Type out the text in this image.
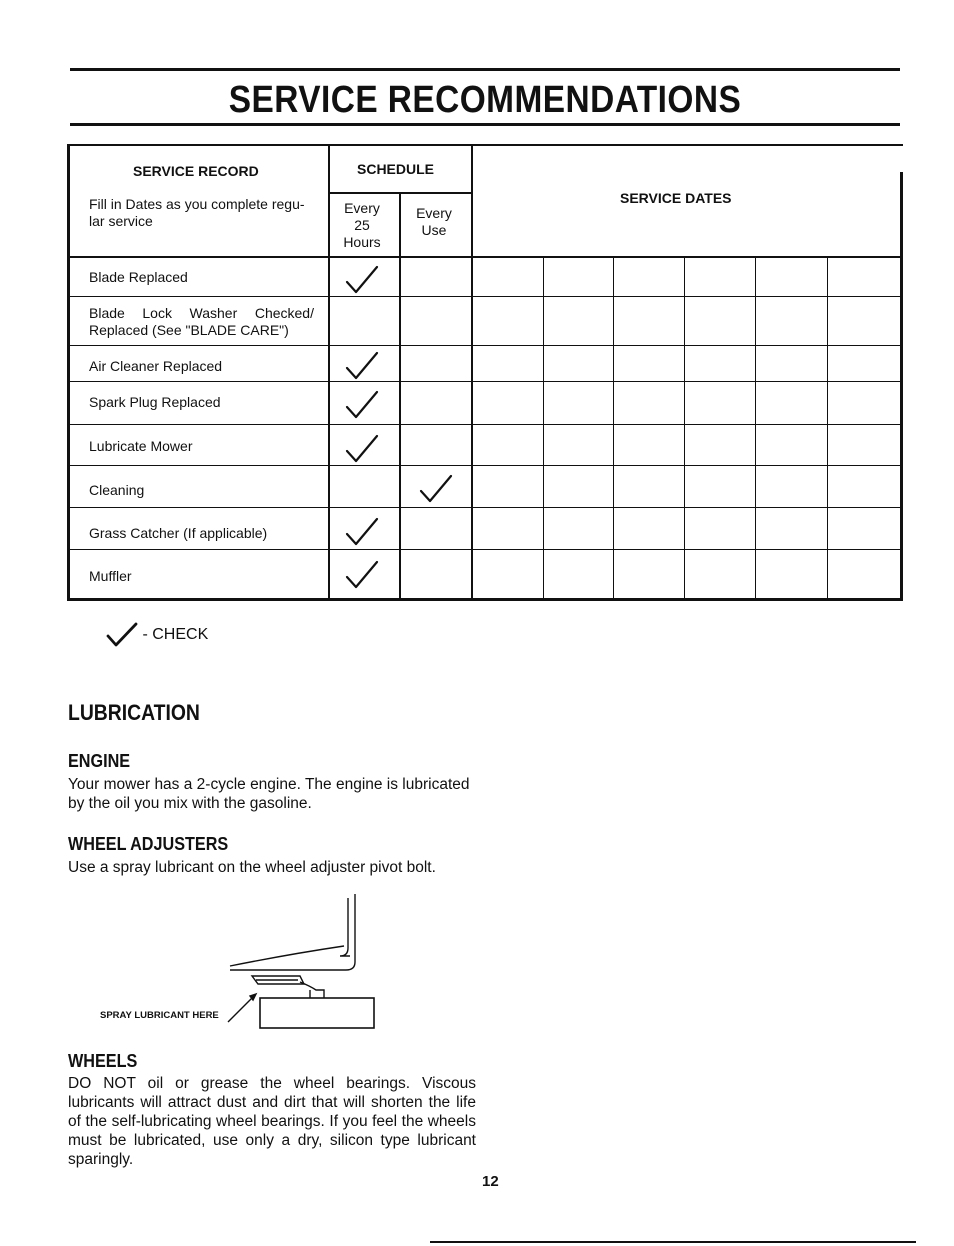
SERVICE RECOMMENDATIONS
SERVICE RECORD
Fill in Dates as you complete regu-lar service
SCHEDULE
Every
25
Hours
Every
Use
SERVICE DATES
Blade Replaced
Blade Lock Washer Checked/ Replaced (See "BLADE CARE")
Air Cleaner Replaced
Spark Plug Replaced
Lubricate Mower
Cleaning
Grass Catcher (If applicable)
Muffler
- CHECK
LUBRICATION
ENGINE

Your mower has a 2-cycle engine. The engine is lubricated by the oil you mix with the gasoline.

WHEEL ADJUSTERS

Use a spray lubricant on the wheel adjuster pivot bolt.

SPRAY LUBRICANT HERE
WHEELS

DO NOT oil or grease the wheel bearings. Viscous lubricants will attract dust and dirt that will shorten the life of the self-lubricating wheel bearings. If you feel the wheels must be lubricated, use only a dry, silicon type lubricant sparingly.

12
